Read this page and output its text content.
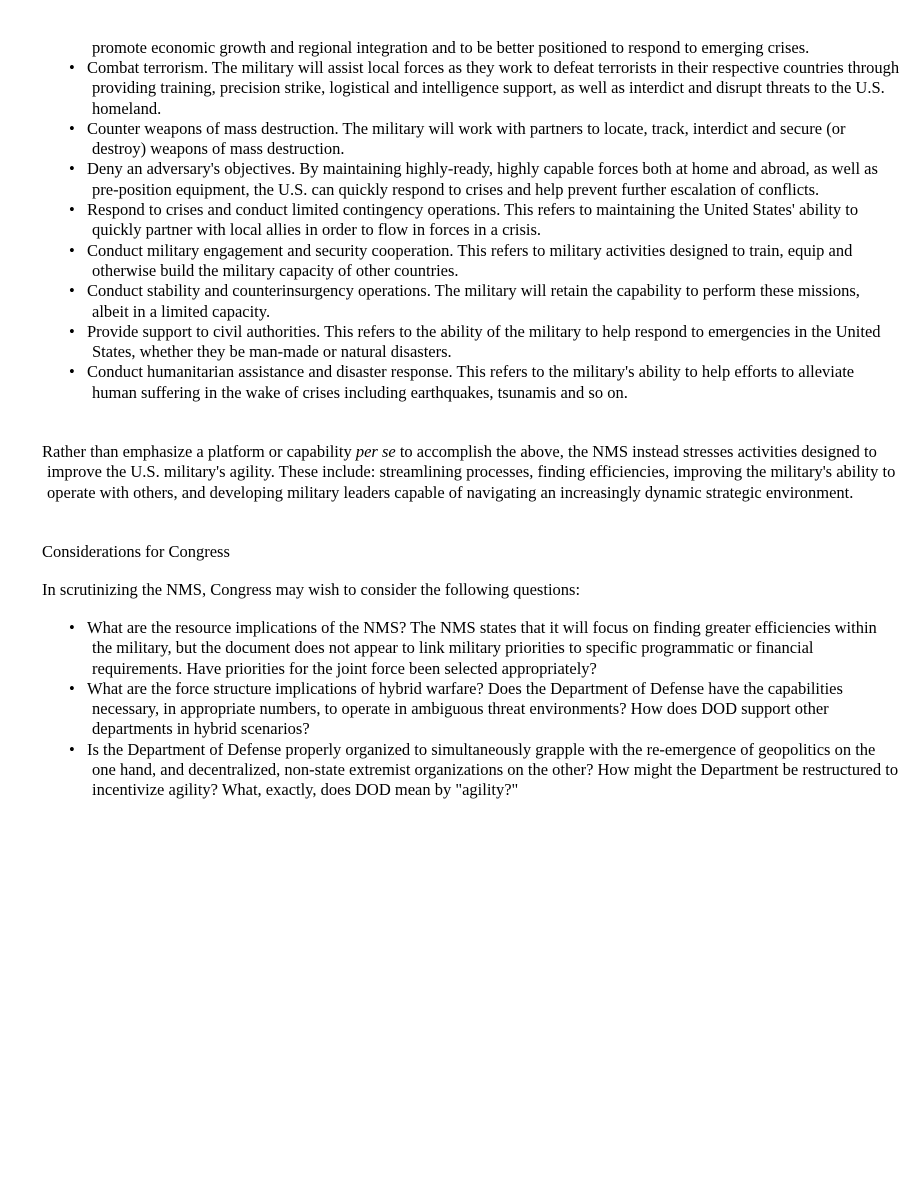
promote economic growth and regional integration and to be better positioned to respond to emerging crises.

• Combat terrorism. The military will assist local forces as they work to defeat terrorists in their respective countries through providing training, precision strike, logistical and intelligence support, as well as interdict and disrupt threats to the U.S. homeland.
• Counter weapons of mass destruction. The military will work with partners to locate, track, interdict and secure (or destroy) weapons of mass destruction.
• Deny an adversary's objectives. By maintaining highly-ready, highly capable forces both at home and abroad, as well as pre-position equipment, the U.S. can quickly respond to crises and help prevent further escalation of conflicts.
• Respond to crises and conduct limited contingency operations. This refers to maintaining the United States' ability to quickly partner with local allies in order to flow in forces in a crisis.
• Conduct military engagement and security cooperation. This refers to military activities designed to train, equip and otherwise build the military capacity of other countries.
• Conduct stability and counterinsurgency operations. The military will retain the capability to perform these missions, albeit in a limited capacity.
• Provide support to civil authorities. This refers to the ability of the military to help respond to emergencies in the United States, whether they be man-made or natural disasters.
• Conduct humanitarian assistance and disaster response. This refers to the military's ability to help efforts to alleviate human suffering in the wake of crises including earthquakes, tsunamis and so on.

Rather than emphasize a platform or capability per se to accomplish the above, the NMS instead stresses activities designed to improve the U.S. military's agility. These include: streamlining processes, finding efficiencies, improving the military's ability to operate with others, and developing military leaders capable of navigating an increasingly dynamic strategic environment.

Considerations for Congress

In scrutinizing the NMS, Congress may wish to consider the following questions:

• What are the resource implications of the NMS? The NMS states that it will focus on finding greater efficiencies within the military, but the document does not appear to link military priorities to specific programmatic or financial requirements. Have priorities for the joint force been selected appropriately?
• What are the force structure implications of hybrid warfare? Does the Department of Defense have the capabilities necessary, in appropriate numbers, to operate in ambiguous threat environments? How does DOD support other departments in hybrid scenarios?
• Is the Department of Defense properly organized to simultaneously grapple with the re-emergence of geopolitics on the one hand, and decentralized, non-state extremist organizations on the other? How might the Department be restructured to incentivize agility? What, exactly, does DOD mean by "agility?"
